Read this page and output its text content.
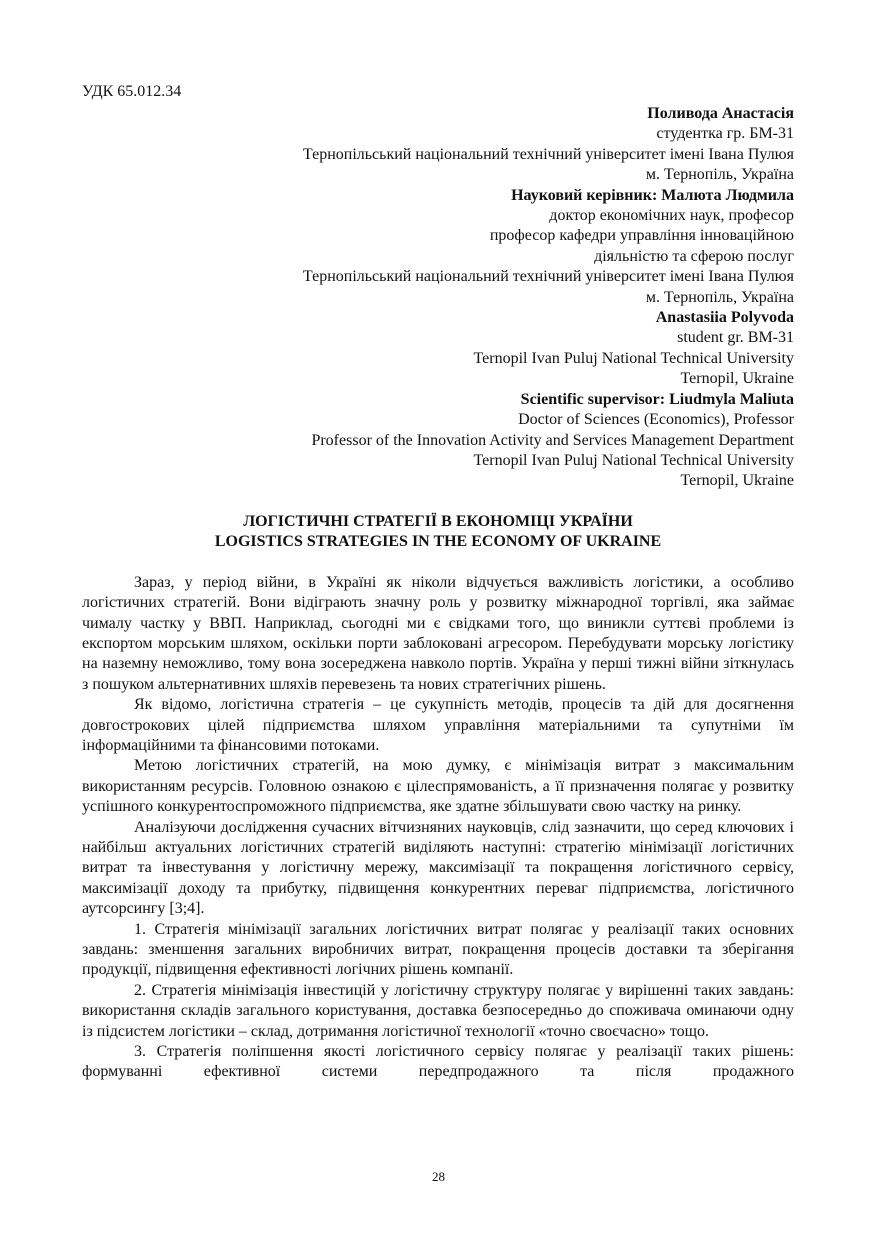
УДК 65.012.34
Поливода Анастасія
студентка гр. БМ-31
Тернопільський національний технічний університет імені Івана Пулюя
м. Тернопіль, Україна
Науковий керівник: Малюта Людмила
доктор економічних наук, професор
професор кафедри управління інноваційною
діяльністю та сферою послуг
Тернопільський національний технічний університет імені Івана Пулюя
м. Тернопіль, Україна
Anastasiia Polyvoda
student gr. BM-31
Ternopil Ivan Puluj National Technical University
Ternopil, Ukraine
Scientific supervisor: Liudmyla Maliuta
Doctor of Sciences (Economics), Professor
Professor of the Innovation Activity and Services Management Department
Ternopil Ivan Puluj National Technical University
Ternopil, Ukraine
ЛОГІСТИЧНІ СТРАТЕГІЇ В ЕКОНОМІЦІ УКРАЇНИ
LOGISTICS STRATEGIES IN THE ECONOMY OF UKRAINE

Зараз, у період війни, в Україні як ніколи відчується важливість логістики, а особливо логістичних стратегій. Вони відіграють значну роль у розвитку міжнародної торгівлі, яка займає чималу частку у ВВП. Наприклад, сьогодні ми є свідками того, що виникли суттєві проблеми із експортом морським шляхом, оскільки порти заблоковані агресором. Перебудувати морську логістику на наземну неможливо, тому вона зосереджена навколо портів. Україна у перші тижні війни зіткнулась з пошуком альтернативних шляхів перевезень та нових стратегічних рішень.

Як відомо, логістична стратегія – це сукупність методів, процесів та дій для досягнення довгострокових цілей підприємства шляхом управління матеріальними та супутніми їм інформаційними та фінансовими потоками.

Метою логістичних стратегій, на мою думку, є мінімізація витрат з максимальним використанням ресурсів. Головною ознакою є цілеспрямованість, а її призначення полягає у розвитку успішного конкурентоспроможного підприємства, яке здатне збільшувати свою частку на ринку.

Аналізуючи дослідження сучасних вітчизняних науковців, слід зазначити, що серед ключових і найбільш актуальних логістичних стратегій виділяють наступні: стратегію мінімізації логістичних витрат та інвестування у логістичну мережу, максимізації та покращення логістичного сервісу, максимізації доходу та прибутку, підвищення конкурентних переваг підприємства, логістичного аутсорсингу [3;4].

1. Стратегія мінімізації загальних логістичних витрат полягає у реалізації таких основних завдань: зменшення загальних виробничих витрат, покращення процесів доставки та зберігання продукції, підвищення ефективності логічних рішень компанії.

2. Стратегія мінімізація інвестицій у логістичну структуру полягає у вирішенні таких завдань: використання складів загального користування, доставка безпосередньо до споживача оминаючи одну із підсистем логістики – склад, дотримання логістичної технології «точно своєчасно» тощо.

3. Стратегія поліпшення якості логістичного сервісу полягає у реалізації таких рішень: формуванні ефективної системи передпродажного та після продажного

28
